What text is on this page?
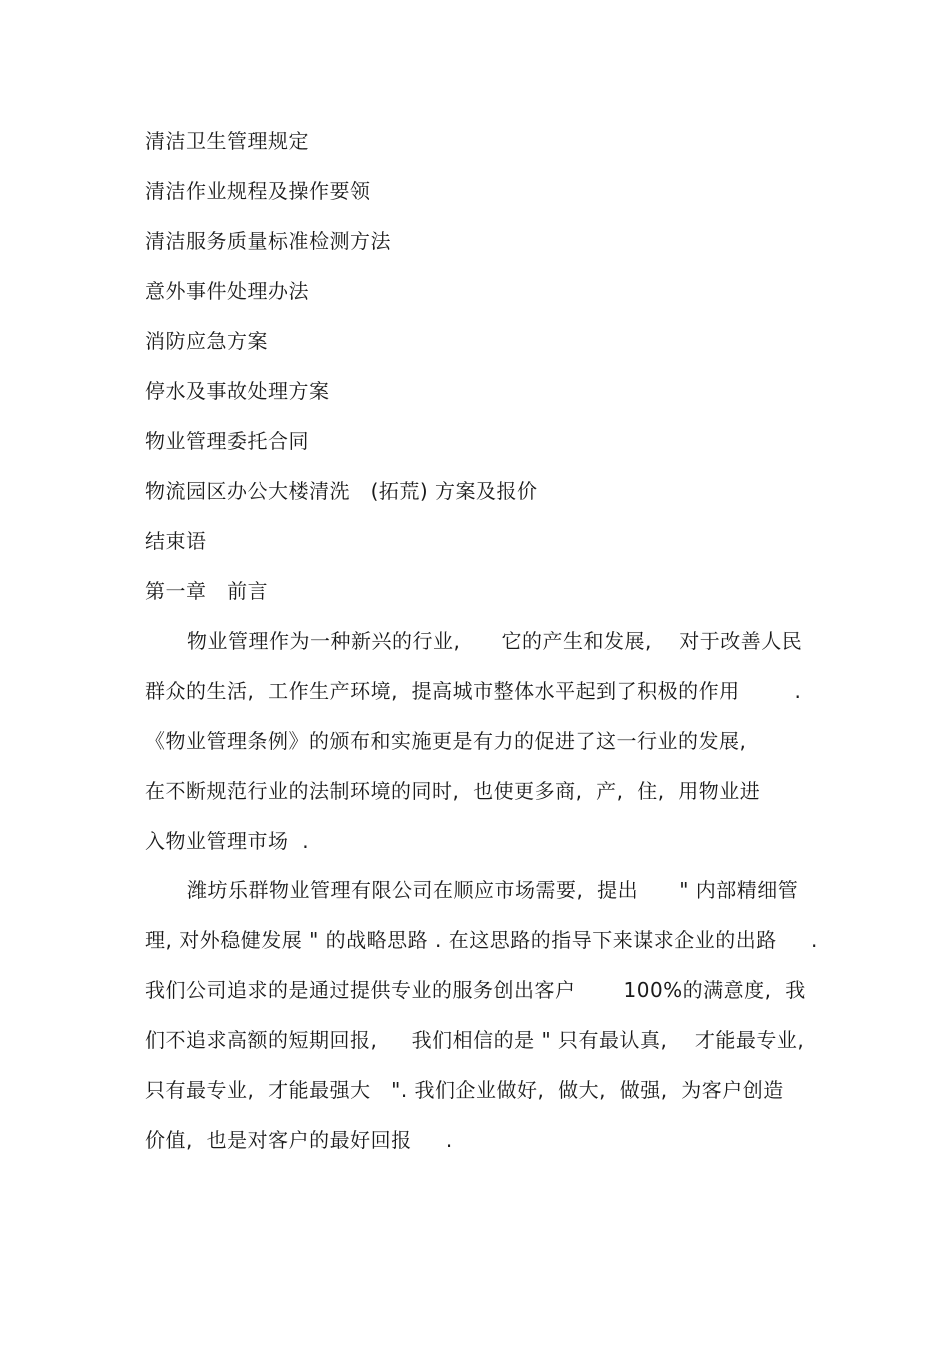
清洁卫生管理规定
清洁作业规程及操作要领
清洁服务质量标准检测方法
意外事件处理办法
消防应急方案
停水及事故处理方案
物业管理委托合同
物流园区办公大楼清洗   (拓荒) 方案及报价
结束语
第一章   前言
物业管理作为一种新兴的行业,      它的产生和发展,    对于改善人民
群众的生活,  工作生产环境,  提高城市整体水平起到了积极的作用        .
《物业管理条例》的颁布和实施更是有力的促进了这一行业的发展,
在不断规范行业的法制环境的同时,  也使更多商,  产,  住,  用物业进
入物业管理市场  .
潍坊乐群物业管理有限公司在顺应市场需要,  提出      " 内部精细管
理, 对外稳健发展 " 的战略思路 . 在这思路的指导下来谋求企业的出路     .
我们公司追求的是通过提供专业的服务创出客户       100%的满意度,  我
们不追求高额的短期回报,     我们相信的是 " 只有最认真,    才能最专业,
只有最专业,  才能最强大   ". 我们企业做好,  做大,  做强,  为客户创造
价值,  也是对客户的最好回报     .
